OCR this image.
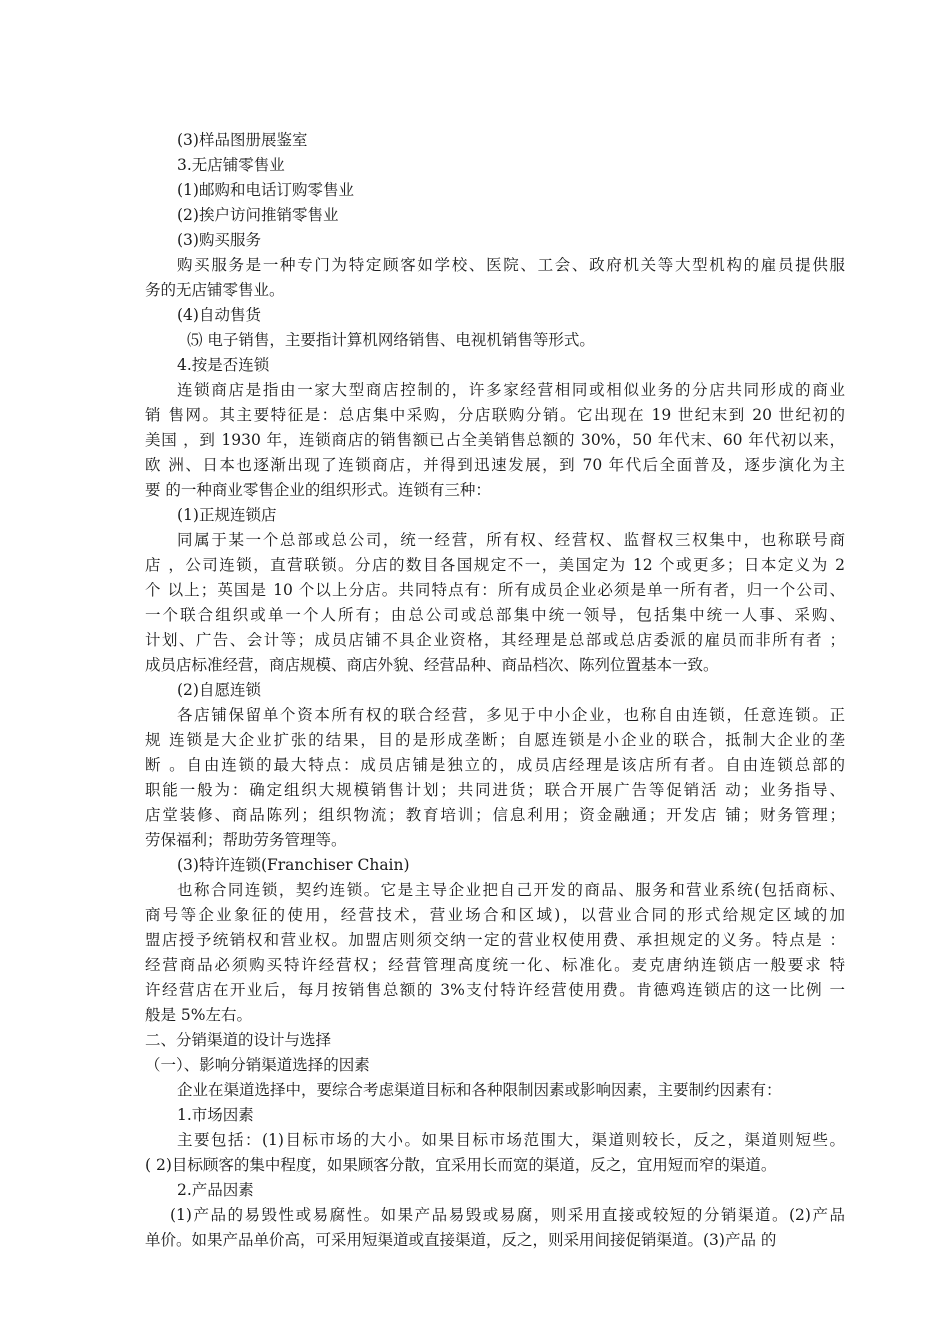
(3)样品图册展鉴室
3.无店铺零售业
(1)邮购和电话订购零售业
(2)挨户访问推销零售业
(3)购买服务
购买服务是一种专门为特定顾客如学校、医院、工会、政府机关等大型机构的雇员提供服
务的无店铺零售业。
(4)自动售货
⑸ 电子销售，主要指计算机网络销售、电视机销售等形式。
4.按是否连锁
连锁商店是指由一家大型商店控制的，许多家经营相同或相似业务的分店共同形成的商业
销 售网。其主要特征是：总店集中采购，分店联购分销。它出现在 19 世纪末到 20 世纪初的
美国 ，到 1930 年，连锁商店的销售额已占全美销售总额的 30%，50 年代末、60 年代初以来，
欧 洲、日本也逐渐出现了连锁商店，并得到迅速发展，到 70 年代后全面普及，逐步演化为主
要 的一种商业零售企业的组织形式。连锁有三种：
(1)正规连锁店
同属于某一个总部或总公司，统一经营，所有权、经营权、监督权三权集中，也称联号商
店 ，公司连锁，直营联锁。分店的数目各国规定不一，美国定为 12 个或更多；日本定义为 2
个 以上；英国是 10 个以上分店。共同特点有：所有成员企业必须是单一所有者，归一个公司、
一个联合组织或单一个人所有；由总公司或总部集中统一领导，包括集中统一人事、采购、
计划、广告、会计等；成员店铺不具企业资格，其经理是总部或总店委派的雇员而非所有者 ；
成员店标准经营，商店规模、商店外貌、经营品种、商品档次、陈列位置基本一致。
(2)自愿连锁
各店铺保留单个资本所有权的联合经营，多见于中小企业，也称自由连锁，任意连锁。正
规 连锁是大企业扩张的结果，目的是形成垄断；自愿连锁是小企业的联合，抵制大企业的垄
断 。自由连锁的最大特点：成员店铺是独立的，成员店经理是该店所有者。自由连锁总部的
职能一般为：确定组织大规模销售计划；共同进货；联合开展广告等促销活 动；业务指导、
店堂装修、商品陈列；组织物流；教育培训；信息利用；资金融通；开发店 铺；财务管理；
劳保福利；帮助劳务管理等。
(3)特许连锁(Franchiser Chain)
也称合同连锁，契约连锁。它是主导企业把自己开发的商品、服务和营业系统(包括商标、
商号等企业象征的使用，经营技术，营业场合和区域)，以营业合同的形式给规定区域的加
盟店授予统销权和营业权。加盟店则须交纳一定的营业权使用费、承担规定的义务。特点是 ：
经营商品必须购买特许经营权；经营管理高度统一化、标准化。麦克唐纳连锁店一般要求 特
许经营店在开业后，每月按销售总额的 3%支付特许经营使用费。肯德鸡连锁店的这一比例 一
般是 5%左右。
二、分销渠道的设计与选择
（一）、影响分销渠道选择的因素
企业在渠道选择中，要综合考虑渠道目标和各种限制因素或影响因素，主要制约因素有：
1.市场因素
主要包括：(1)目标市场的大小。如果目标市场范围大，渠道则较长，反之，渠道则短些。
( 2)目标顾客的集中程度，如果顾客分散，宜采用长而宽的渠道，反之，宜用短而窄的渠道。
2.产品因素
(1)产品的易毁性或易腐性。如果产品易毁或易腐，则采用直接或较短的分销渠道。(2)产品
单价。如果产品单价高，可采用短渠道或直接渠道，反之，则采用间接促销渠道。(3)产品 的
